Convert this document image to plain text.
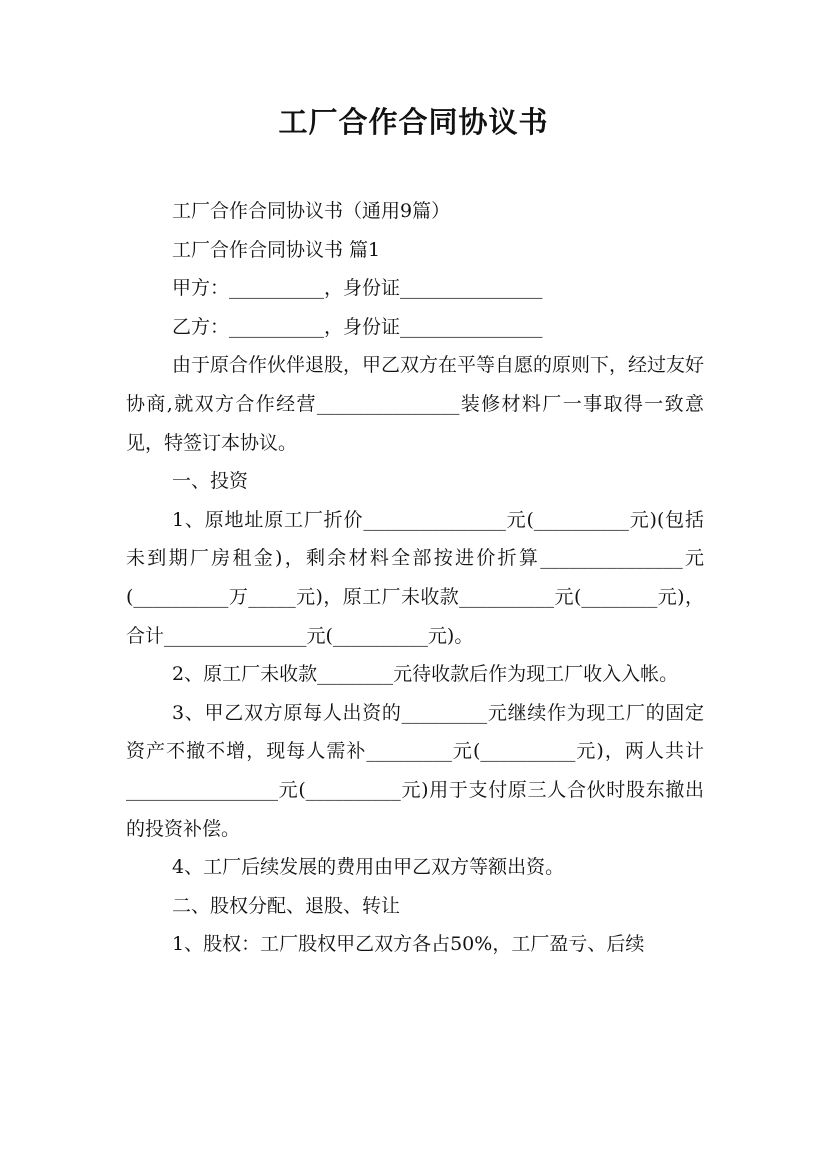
工厂合作合同协议书

工厂合作合同协议书（通用9篇）

工厂合作合同协议书 篇1

甲方：__________，身份证_______________

乙方：__________，身份证_______________

由于原合作伙伴退股，甲乙双方在平等自愿的原则下，经过友好协商,就双方合作经营_______________装修材料厂一事取得一致意见，特签订本协议。

一、投资

1、原地址原工厂折价_______________元(__________元)(包括未到期厂房租金)，剩余材料全部按进价折算_______________元(__________万_____元)，原工厂未收款__________元(________元)，合计_______________元(__________元)。

2、原工厂未收款________元待收款后作为现工厂收入入帐。

3、甲乙双方原每人出资的_________元继续作为现工厂的固定资产不撤不增，现每人需补_________元(__________元)，两人共计________________元(__________元)用于支付原三人合伙时股东撤出的投资补偿。

4、工厂后续发展的费用由甲乙双方等额出资。

二、股权分配、退股、转让

1、股权：工厂股权甲乙双方各占50%，工厂盈亏、后续
